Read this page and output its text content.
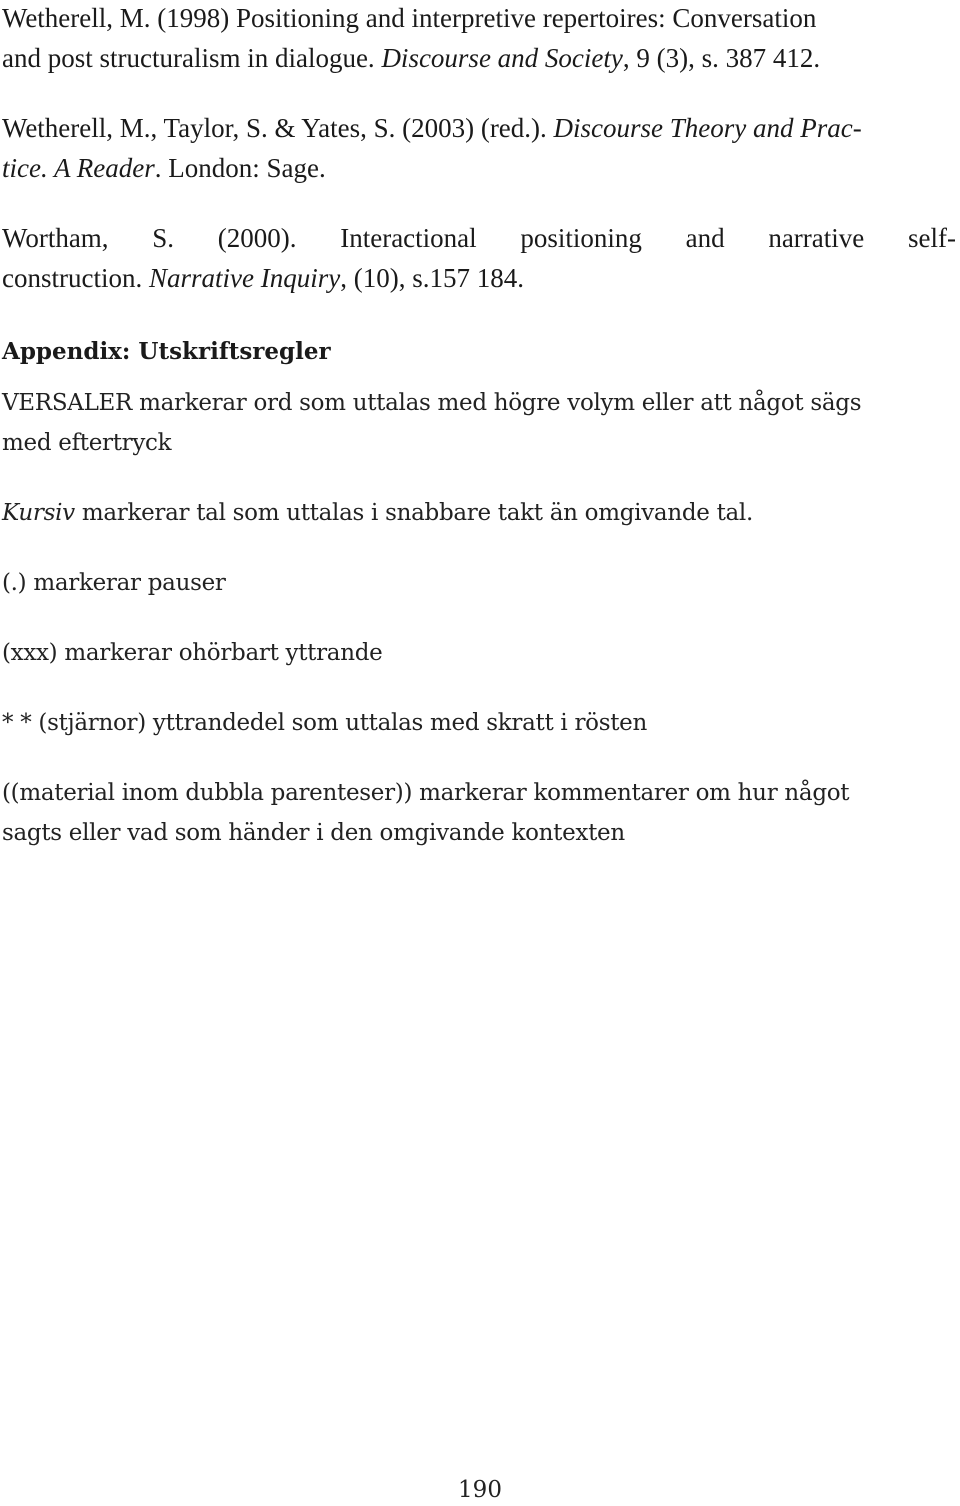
Wetherell, M. (1998) Positioning and interpretive repertoires: Conversation
and post structuralism in dialogue. Discourse and Society, 9 (3), s. 387 412.
Wetherell, M., Taylor, S. & Yates, S. (2003) (red.). Discourse Theory and Prac-
tice. A Reader. London: Sage.
Wortham, S. (2000). Interactional positioning and narrative self-
construction. Narrative Inquiry, (10), s.157 184.
Appendix: Utskriftsregler
VERSALER markerar ord som uttalas med högre volym eller att något sägs
med eftertryck
Kursiv markerar tal som uttalas i snabbare takt än omgivande tal.
(.) markerar pauser
(xxx) markerar ohörbart yttrande
* * (stjärnor) yttrandedel som uttalas med skratt i rösten
((material inom dubbla parenteser)) markerar kommentarer om hur något
sagts eller vad som händer i den omgivande kontexten
190
